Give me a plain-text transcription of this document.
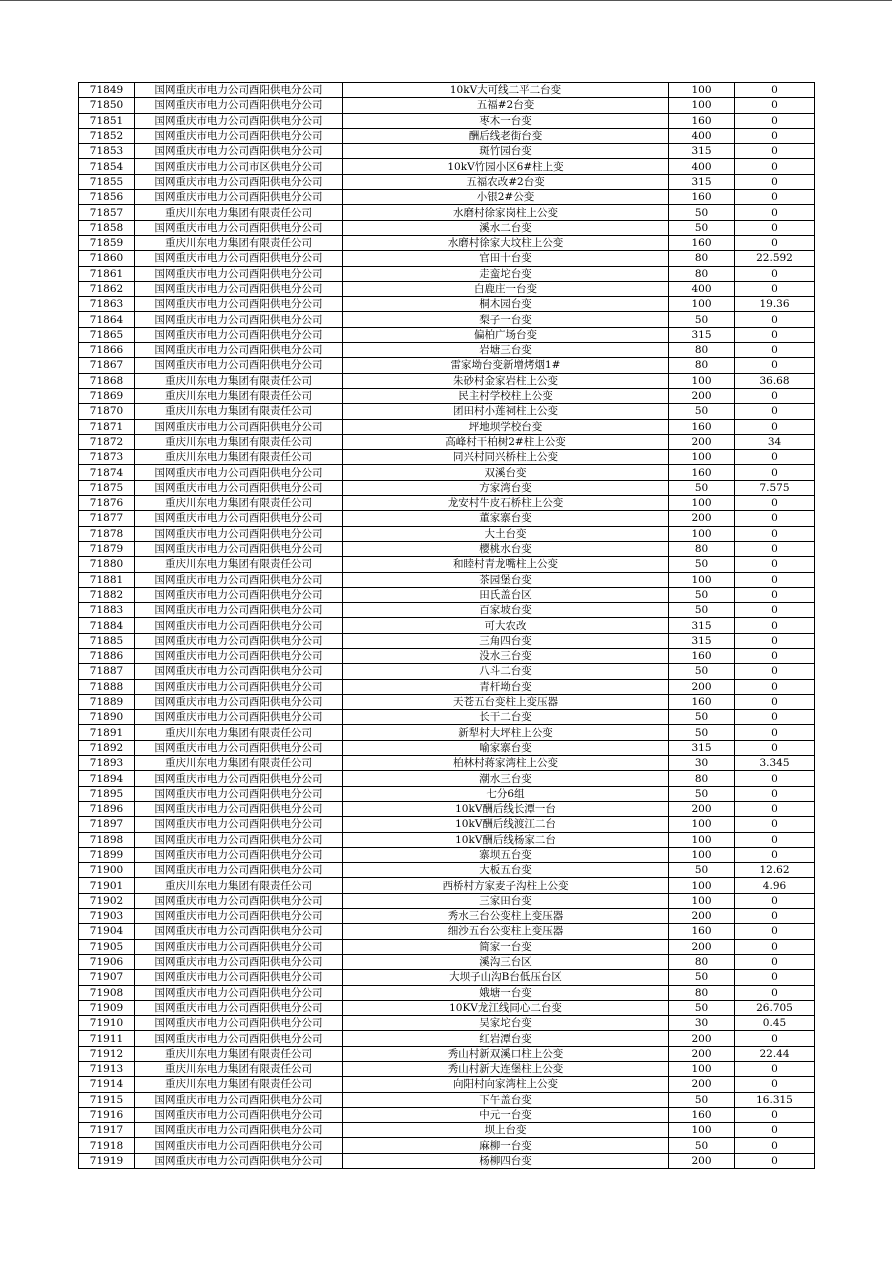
71849	国网重庆市电力公司酉阳供电分公司	10kV大可线二平二台变	100	0
71850	国网重庆市电力公司酉阳供电分公司	五福#2台变	100	0
71851	国网重庆市电力公司酉阳供电分公司	枣木一台变	160	0
71852	国网重庆市电力公司酉阳供电分公司	酬后线老街台变	400	0
71853	国网重庆市电力公司酉阳供电分公司	斑竹园台变	315	0
71854	国网重庆市电力公司市区供电分公司	10kV竹园小区6#柱上变	400	0
71855	国网重庆市电力公司酉阳供电分公司	五福农改#2台变	315	0
71856	国网重庆市电力公司酉阳供电分公司	小银2#公变	160	0
71857	重庆川东电力集团有限责任公司	水磨村徐家岗柱上公变	50	0
71858	国网重庆市电力公司酉阳供电分公司	溪水二台变	50	0
71859	重庆川东电力集团有限责任公司	水磨村徐家大坟柱上公变	160	0
71860	国网重庆市电力公司酉阳供电分公司	官田十台变	80	22.592
71861	国网重庆市电力公司酉阳供电分公司	走蛮坨台变	80	0
71862	国网重庆市电力公司酉阳供电分公司	白鹿庄一台变	400	0
71863	国网重庆市电力公司酉阳供电分公司	桐木园台变	100	19.36
71864	国网重庆市电力公司酉阳供电分公司	梨子一台变	50	0
71865	国网重庆市电力公司酉阳供电分公司	偏柏广场台变	315	0
71866	国网重庆市电力公司酉阳供电分公司	岩塘三台变	80	0
71867	国网重庆市电力公司酉阳供电分公司	雷家坳台变新增烤烟1#	80	0
71868	重庆川东电力集团有限责任公司	朱砂村金家岩柱上公变	100	36.68
71869	重庆川东电力集团有限责任公司	民主村学校柱上公变	200	0
71870	重庆川东电力集团有限责任公司	团田村小莲祠柱上公变	50	0
71871	国网重庆市电力公司酉阳供电分公司	坪地坝学校台变	160	0
71872	重庆川东电力集团有限责任公司	高峰村干柏树2#柱上公变	200	34
71873	重庆川东电力集团有限责任公司	同兴村同兴桥柱上公变	100	0
71874	国网重庆市电力公司酉阳供电分公司	双溪台变	160	0
71875	国网重庆市电力公司酉阳供电分公司	方家湾台变	50	7.575
71876	重庆川东电力集团有限责任公司	龙安村牛皮石桥柱上公变	100	0
71877	国网重庆市电力公司酉阳供电分公司	董家寨台变	200	0
71878	国网重庆市电力公司酉阳供电分公司	大土台变	100	0
71879	国网重庆市电力公司酉阳供电分公司	樱桃水台变	80	0
71880	重庆川东电力集团有限责任公司	和睦村青龙嘴柱上公变	50	0
71881	国网重庆市电力公司酉阳供电分公司	茶园堡台变	100	0
71882	国网重庆市电力公司酉阳供电分公司	田氏盖台区	50	0
71883	国网重庆市电力公司酉阳供电分公司	百家坡台变	50	0
71884	国网重庆市电力公司酉阳供电分公司	可大农改	315	0
71885	国网重庆市电力公司酉阳供电分公司	三角四台变	315	0
71886	国网重庆市电力公司酉阳供电分公司	没水三台变	160	0
71887	国网重庆市电力公司酉阳供电分公司	八斗二台变	50	0
71888	国网重庆市电力公司酉阳供电分公司	青杆坳台变	200	0
71889	国网重庆市电力公司酉阳供电分公司	天苍五台变柱上变压器	160	0
71890	国网重庆市电力公司酉阳供电分公司	长干二台变	50	0
71891	重庆川东电力集团有限责任公司	新犁村大坪柱上公变	50	0
71892	国网重庆市电力公司酉阳供电分公司	喻家寨台变	315	0
71893	重庆川东电力集团有限责任公司	柏林村蒋家湾柱上公变	30	3.345
71894	国网重庆市电力公司酉阳供电分公司	潮水三台变	80	0
71895	国网重庆市电力公司酉阳供电分公司	七分6组	50	0
71896	国网重庆市电力公司酉阳供电分公司	10kV酬后线长潭一台	200	0
71897	国网重庆市电力公司酉阳供电分公司	10kV酬后线渡江二台	100	0
71898	国网重庆市电力公司酉阳供电分公司	10kV酬后线杨家二台	100	0
71899	国网重庆市电力公司酉阳供电分公司	寨坝五台变	100	0
71900	国网重庆市电力公司酉阳供电分公司	大板五台变	50	12.62
71901	重庆川东电力集团有限责任公司	西桥村方家麦子沟柱上公变	100	4.96
71902	国网重庆市电力公司酉阳供电分公司	三家田台变	100	0
71903	国网重庆市电力公司酉阳供电分公司	秀水三台公变柱上变压器	200	0
71904	国网重庆市电力公司酉阳供电分公司	细沙五台公变柱上变压器	160	0
71905	国网重庆市电力公司酉阳供电分公司	简家一台变	200	0
71906	国网重庆市电力公司酉阳供电分公司	溪沟三台区	80	0
71907	国网重庆市电力公司酉阳供电分公司	大坝子山沟B台低压台区	50	0
71908	国网重庆市电力公司酉阳供电分公司	娥塘一台变	80	0
71909	国网重庆市电力公司酉阳供电分公司	10KV龙江线同心二台变	50	26.705
71910	国网重庆市电力公司酉阳供电分公司	吴家坨台变	30	0.45
71911	国网重庆市电力公司酉阳供电分公司	红岩潭台变	200	0
71912	重庆川东电力集团有限责任公司	秀山村新双溪口柱上公变	200	22.44
71913	重庆川东电力集团有限责任公司	秀山村新大连堡柱上公变	100	0
71914	重庆川东电力集团有限责任公司	向阳村向家湾柱上公变	200	0
71915	国网重庆市电力公司酉阳供电分公司	下午盖台变	50	16.315
71916	国网重庆市电力公司酉阳供电分公司	中元一台变	160	0
71917	国网重庆市电力公司酉阳供电分公司	坝上台变	100	0
71918	国网重庆市电力公司酉阳供电分公司	麻柳一台变	50	0
71919	国网重庆市电力公司酉阳供电分公司	杨柳四台变	200	0
